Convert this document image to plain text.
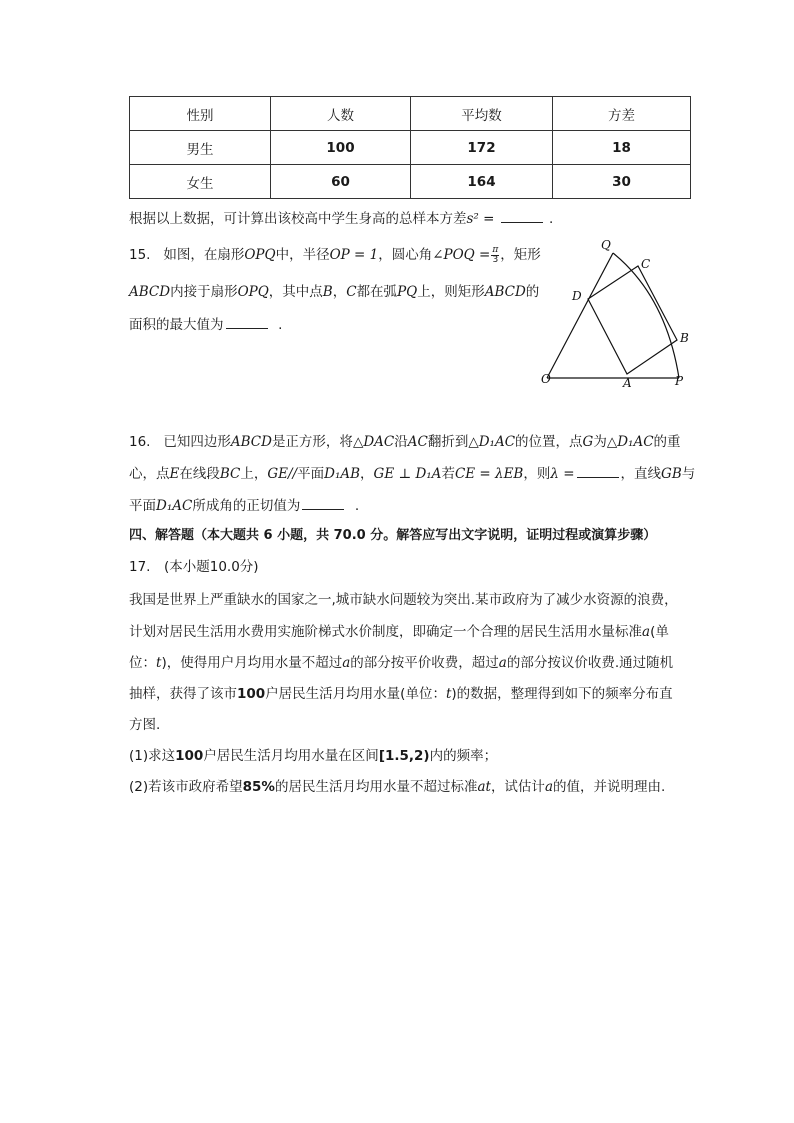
性别	人数	平均数	方差
男生	100	172	18
女生	60	164	30
根据以上数据，可计算出该校高中学生身高的总样本方差s² =	.
15. 如图，在扇形OPQ中，半径OP = 1，圆心角∠POQ = $\frac{\pi}{3}$ ，矩形
ABCD内接于扇形OPQ，其中点B，C都在弧PQ上，则矩形ABCD的
面积的最大值为	.
Q
C
D
B
O	A	P
16. 已知四边形ABCD是正方形，将△DAC沿AC翻折到△D₁AC的位置，点G为△D₁AC的重
心，点E在线段BC上，GE//平面D₁AB，GE ⊥ D₁A若CE = λEB，则λ =	，直线GB与
平面D₁AC所成角的正切值为	.
四、解答题（本大题共 6 小题，共 70.0 分。解答应写出文字说明，证明过程或演算步骤）
17.　(本小题10.0分)
我国是世界上严重缺水的国家之一,城市缺水问题较为突出.某市政府为了减少水资源的浪费，
计划对居民生活用水费用实施阶梯式水价制度，即确定一个合理的居民生活用水量标准a(单
位：t)，使得用户月均用水量不超过a的部分按平价收费，超过a的部分按议价收费.通过随机
抽样，获得了该市100户居民生活月均用水量(单位：t)的数据，整理得到如下的频率分布直
方图.
(1)求这100户居民生活月均用水量在区间[1.5,2)内的频率；
(2)若该市政府希望85%的居民生活月均用水量不超过标准at，试估计a的值，并说明理由.
